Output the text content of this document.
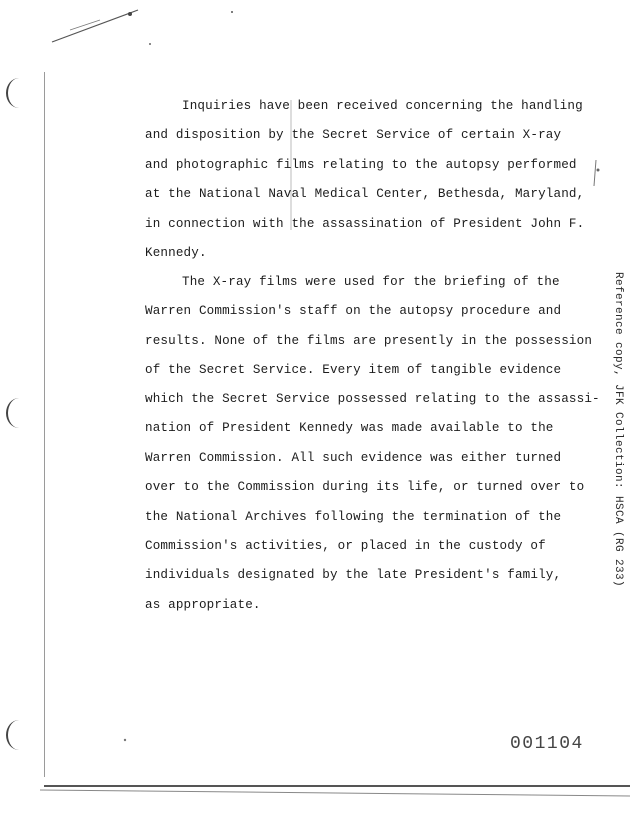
Inquiries have been received concerning the handling
and disposition by the Secret Service of certain X-ray
and photographic films relating to the autopsy performed
at the National Naval Medical Center, Bethesda, Maryland,
in connection with the assassination of President John F.
Kennedy.
The X-ray films were used for the briefing of the
Warren Commission's staff on the autopsy procedure and
results. None of the films are presently in the possession
of the Secret Service. Every item of tangible evidence
which the Secret Service possessed relating to the assassi-
nation of President Kennedy was made available to the
Warren Commission. All such evidence was either turned
over to the Commission during its life, or turned over to
the National Archives following the termination of the
Commission's activities, or placed in the custody of
individuals designated by the late President's family,
as appropriate.
Reference copy, JFK Collection: HSCA (RG 233)
001104
